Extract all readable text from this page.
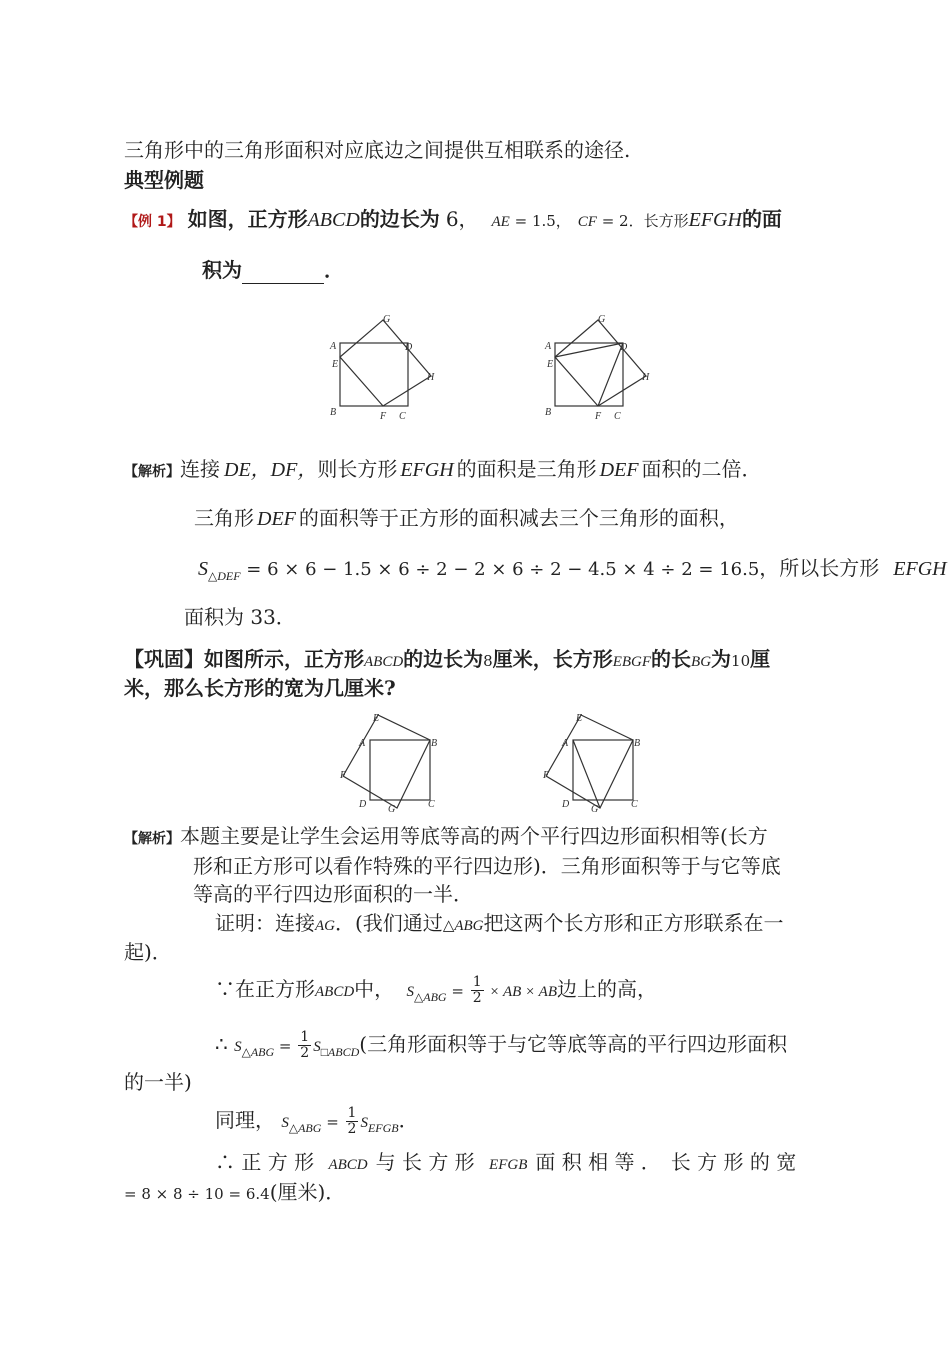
三角形中的三角形面积对应底边之间提供互相联系的途径.
典型例题
【例 1】 如图，正方形ABCD的边长为 6， AE = 1.5， CF = 2．长方形EFGH的面
积为	．
A
E
B	F C
H
G
D	A
E
B	F C
H
G
D
【解析】连接 DE，DF，则长方形 EFGH 的面积是三角形 DEF 面积的二倍．
三角形 DEF 的面积等于正方形的面积减去三个三角形的面积，
$S_{\triangle DEF} = 6 \times 6 - 1.5 \times 6 \div 2 - 2 \times 6 \div 2 - 4.5 \times 4 \div 2 = 16.5$，所以长方形 EFGH
面积为 33．
【巩固】如图所示，正方形ABCD的边长为8厘米，长方形EBGF的长BG为10厘
米，那么长方形的宽为几厘米?
E
A	B
F
D G	C
E
A	B
F
D G	C
【解析】本题主要是让学生会运用等底等高的两个平行四边形面积相等(长方
形和正方形可以看作特殊的平行四边形)．三角形面积等于与它等底
等高的平行四边形面积的一半．
证明：连接AG．(我们通过△ABG把这两个长方形和正方形联系在一
起)．
∵在正方形ABCD中， $S_{\triangle ABG} = \frac{1}{2}$ × AB × AB边上的高，
∴ $S_{\triangle ABG} = \frac{1}{2} S_{□ABCD}$(三角形面积等于与它等底等高的平行四边形面积
的一半)
同理， $S_{\triangle ABG} = \frac{1}{2} S_{EFGB}$．
∴ 正 方 形 ABCD 与 长 方 形 EFGB 面 积 相 等 ．　长 方 形 的 宽
= 8 × 8 ÷ 10 = 6.4(厘米)．
